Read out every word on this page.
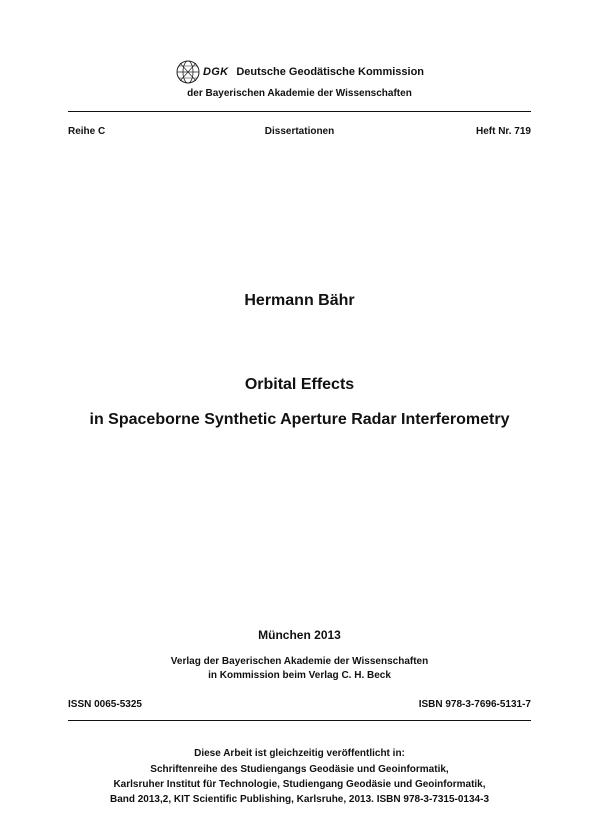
DGK Deutsche Geodätische Kommission
der Bayerischen Akademie der Wissenschaften
Reihe C	Dissertationen	Heft Nr. 719
Hermann Bähr
Orbital Effects
in Spaceborne Synthetic Aperture Radar Interferometry
München 2013
Verlag der Bayerischen Akademie der Wissenschaften
in Kommission beim Verlag C. H. Beck
ISSN 0065-5325	ISBN 978-3-7696-5131-7
Diese Arbeit ist gleichzeitig veröffentlicht in:
Schriftenreihe des Studiengangs Geodäsie und Geoinformatik,
Karlsruher Institut für Technologie, Studiengang Geodäsie und Geoinformatik,
Band 2013,2, KIT Scientific Publishing, Karlsruhe, 2013. ISBN 978-3-7315-0134-3
